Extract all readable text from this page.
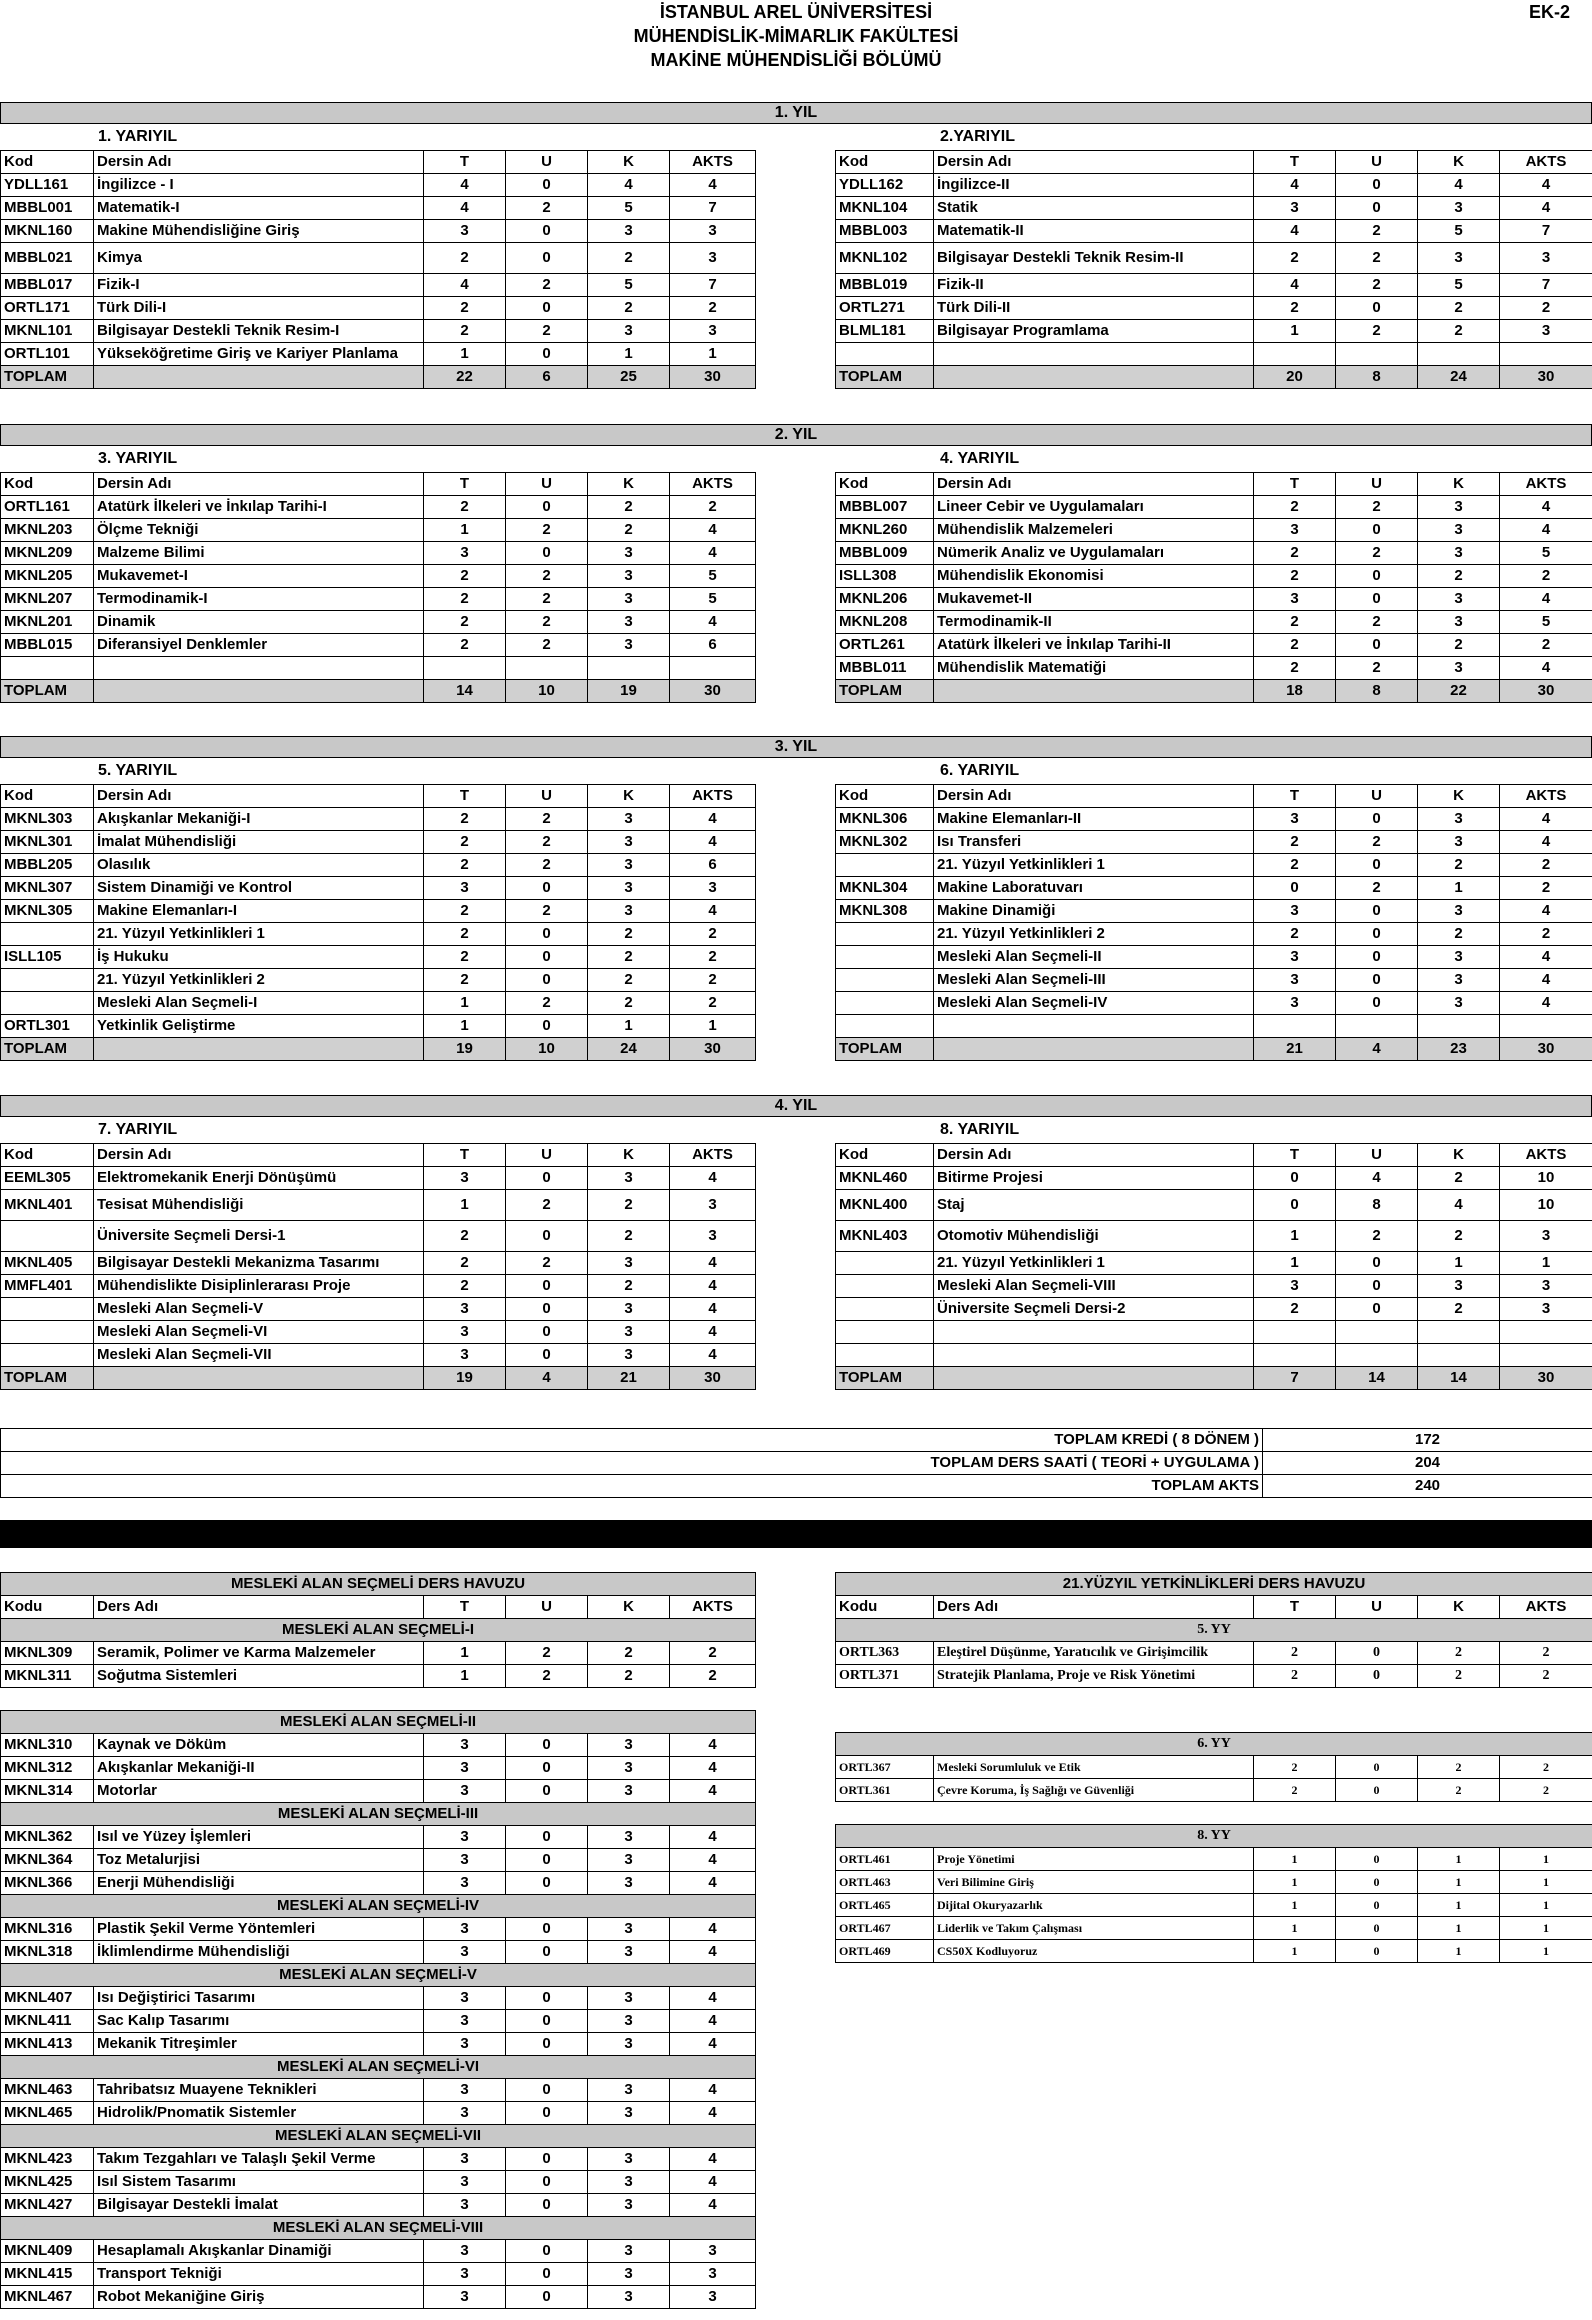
İSTANBUL AREL ÜNİVERSİTESİ
MÜHENDİSLİK-MİMARLIK FAKÜLTESİ
MAKİNE MÜHENDİSLİĞİ BÖLÜMÜ
EK-2
1. YIL
2. YIL
3. YIL
4. YIL
1. YARIYIL	2.YARIYIL
3. YARIYIL	4. YARIYIL
5. YARIYIL	6. YARIYIL
7. YARIYIL	8. YARIYIL
Kod	Dersin Adı	T	U	K	AKTS
YDLL161	İngilizce - I	4	0	4	4
MBBL001	Matematik-I	4	2	5	7
MKNL160	Makine Mühendisliğine Giriş	3	0	3	3
MBBL021	Kimya	2	0	2	3
MBBL017	Fizik-I	4	2	5	7
ORTL171	Türk Dili-I	2	0	2	2
MKNL101	Bilgisayar Destekli Teknik Resim-I	2	2	3	3
ORTL101	Yükseköğretime Giriş ve Kariyer Planlama	1	0	1	1
TOPLAM		22	6	25	30
Kod	Dersin Adı	T	U	K	AKTS
YDLL162	İngilizce-II	4	0	4	4
MKNL104	Statik	3	0	3	4
MBBL003	Matematik-II	4	2	5	7
MKNL102	Bilgisayar Destekli Teknik Resim-II	2	2	3	3
MBBL019	Fizik-II	4	2	5	7
ORTL271	Türk Dili-II	2	0	2	2
BLML181	Bilgisayar Programlama	1	2	2	3

TOPLAM		20	8	24	30
Kod	Dersin Adı	T	U	K	AKTS
ORTL161	Atatürk İlkeleri ve İnkılap Tarihi-I	2	0	2	2
MKNL203	Ölçme Tekniği	1	2	2	4
MKNL209	Malzeme Bilimi	3	0	3	4
MKNL205	Mukavemet-I	2	2	3	5
MKNL207	Termodinamik-I	2	2	3	5
MKNL201	Dinamik	2	2	3	4
MBBL015	Diferansiyel Denklemler	2	2	3	6

TOPLAM		14	10	19	30
Kod	Dersin Adı	T	U	K	AKTS
MBBL007	Lineer Cebir ve Uygulamaları	2	2	3	4
MKNL260	Mühendislik Malzemeleri	3	0	3	4
MBBL009	Nümerik Analiz ve Uygulamaları	2	2	3	5
ISLL308	Mühendislik Ekonomisi	2	0	2	2
MKNL206	Mukavemet-II	3	0	3	4
MKNL208	Termodinamik-II	2	2	3	5
ORTL261	Atatürk İlkeleri ve İnkılap Tarihi-II	2	0	2	2
MBBL011	Mühendislik Matematiği	2	2	3	4
TOPLAM		18	8	22	30
Kod	Dersin Adı	T	U	K	AKTS
MKNL303	Akışkanlar Mekaniği-I	2	2	3	4
MKNL301	İmalat Mühendisliği	2	2	3	4
MBBL205	Olasılık	2	2	3	6
MKNL307	Sistem Dinamiği ve Kontrol	3	0	3	3
MKNL305	Makine Elemanları-I	2	2	3	4
	21. Yüzyıl Yetkinlikleri 1	2	0	2	2
ISLL105	İş Hukuku	2	0	2	2
	21. Yüzyıl Yetkinlikleri 2	2	0	2	2
	Mesleki Alan Seçmeli-I	1	2	2	2
ORTL301	Yetkinlik Geliştirme	1	0	1	1
TOPLAM		19	10	24	30
Kod	Dersin Adı	T	U	K	AKTS
MKNL306	Makine Elemanları-II	3	0	3	4
MKNL302	Isı Transferi	2	2	3	4
	21. Yüzyıl Yetkinlikleri 1	2	0	2	2
MKNL304	Makine Laboratuvarı	0	2	1	2
MKNL308	Makine Dinamiği	3	0	3	4
	21. Yüzyıl Yetkinlikleri 2	2	0	2	2
	Mesleki Alan Seçmeli-II	3	0	3	4
	Mesleki Alan Seçmeli-III	3	0	3	4
	Mesleki Alan Seçmeli-IV	3	0	3	4

TOPLAM		21	4	23	30
Kod	Dersin Adı	T	U	K	AKTS
EEML305	Elektromekanik Enerji Dönüşümü	3	0	3	4
MKNL401	Tesisat Mühendisliği	1	2	2	3
	Üniversite Seçmeli Dersi-1	2	0	2	3
MKNL405	Bilgisayar Destekli Mekanizma Tasarımı	2	2	3	4
MMFL401	Mühendislikte Disiplinlerarası Proje	2	0	2	4
	Mesleki Alan Seçmeli-V	3	0	3	4
	Mesleki Alan Seçmeli-VI	3	0	3	4
	Mesleki Alan Seçmeli-VII	3	0	3	4
TOPLAM		19	4	21	30
Kod	Dersin Adı	T	U	K	AKTS
MKNL460	Bitirme Projesi	0	4	2	10
MKNL400	Staj	0	8	4	10
MKNL403	Otomotiv Mühendisliği	1	2	2	3
	21. Yüzyıl Yetkinlikleri 1	1	0	1	1
	Mesleki Alan Seçmeli-VIII	3	0	3	3
	Üniversite Seçmeli Dersi-2	2	0	2	3

TOPLAM		7	14	14	30
TOPLAM KREDİ ( 8 DÖNEM )	172
TOPLAM DERS SAATİ ( TEORİ + UYGULAMA )	204
TOPLAM AKTS	240
MESLEKİ ALAN SEÇMELİ DERS HAVUZU					
Kodu	Ders Adı	T	U	K	AKTS
MESLEKİ ALAN SEÇMELİ-I					
MKNL309	Seramik, Polimer ve Karma Malzemeler	1	2	2	2
MKNL311	Soğutma Sistemleri	1	2	2	2

MESLEKİ ALAN SEÇMELİ-II					
MKNL310	Kaynak ve Döküm	3	0	3	4
MKNL312	Akışkanlar Mekaniği-II	3	0	3	4
MKNL314	Motorlar	3	0	3	4
MESLEKİ ALAN SEÇMELİ-III					
MKNL362	Isıl ve Yüzey İşlemleri	3	0	3	4
MKNL364	Toz Metalurjisi	3	0	3	4
MKNL366	Enerji Mühendisliği	3	0	3	4
MESLEKİ ALAN SEÇMELİ-IV					
MKNL316	Plastik Şekil Verme Yöntemleri	3	0	3	4
MKNL318	İklimlendirme Mühendisliği	3	0	3	4
MESLEKİ ALAN SEÇMELİ-V					
MKNL407	Isı Değiştirici Tasarımı	3	0	3	4
MKNL411	Sac Kalıp Tasarımı	3	0	3	4
MKNL413	Mekanik Titreşimler	3	0	3	4
MESLEKİ ALAN SEÇMELİ-VI					
MKNL463	Tahribatsız Muayene Teknikleri	3	0	3	4
MKNL465	Hidrolik/Pnomatik Sistemler	3	0	3	4
MESLEKİ ALAN SEÇMELİ-VII					
MKNL423	Takım Tezgahları ve Talaşlı Şekil Verme	3	0	3	4
MKNL425	Isıl Sistem Tasarımı	3	0	3	4
MKNL427	Bilgisayar Destekli İmalat	3	0	3	4
MESLEKİ ALAN SEÇMELİ-VIII					
MKNL409	Hesaplamalı Akışkanlar Dinamiği	3	0	3	3
MKNL415	Transport Tekniği	3	0	3	3
MKNL467	Robot Mekaniğine Giriş	3	0	3	3
21.YÜZYIL YETKİNLİKLERİ DERS HAVUZU					
Kodu	Ders Adı	T	U	K	AKTS
5. YY					
ORTL363	Eleştirel Düşünme, Yaratıcılık ve Girişimcilik	2	0	2	2
ORTL371	Stratejik Planlama, Proje ve Risk Yönetimi	2	0	2	2

6. YY					
ORTL367	Mesleki Sorumluluk ve Etik	2	0	2	2
ORTL361	Çevre Koruma, İş Sağlığı ve Güvenliği	2	0	2	2

8. YY					
ORTL461	Proje Yönetimi	1	0	1	1
ORTL463	Veri Bilimine Giriş	1	0	1	1
ORTL465	Dijital Okuryazarlık	1	0	1	1
ORTL467	Liderlik ve Takım Çalışması	1	0	1	1
ORTL469	CS50X Kodluyoruz	1	0	1	1
